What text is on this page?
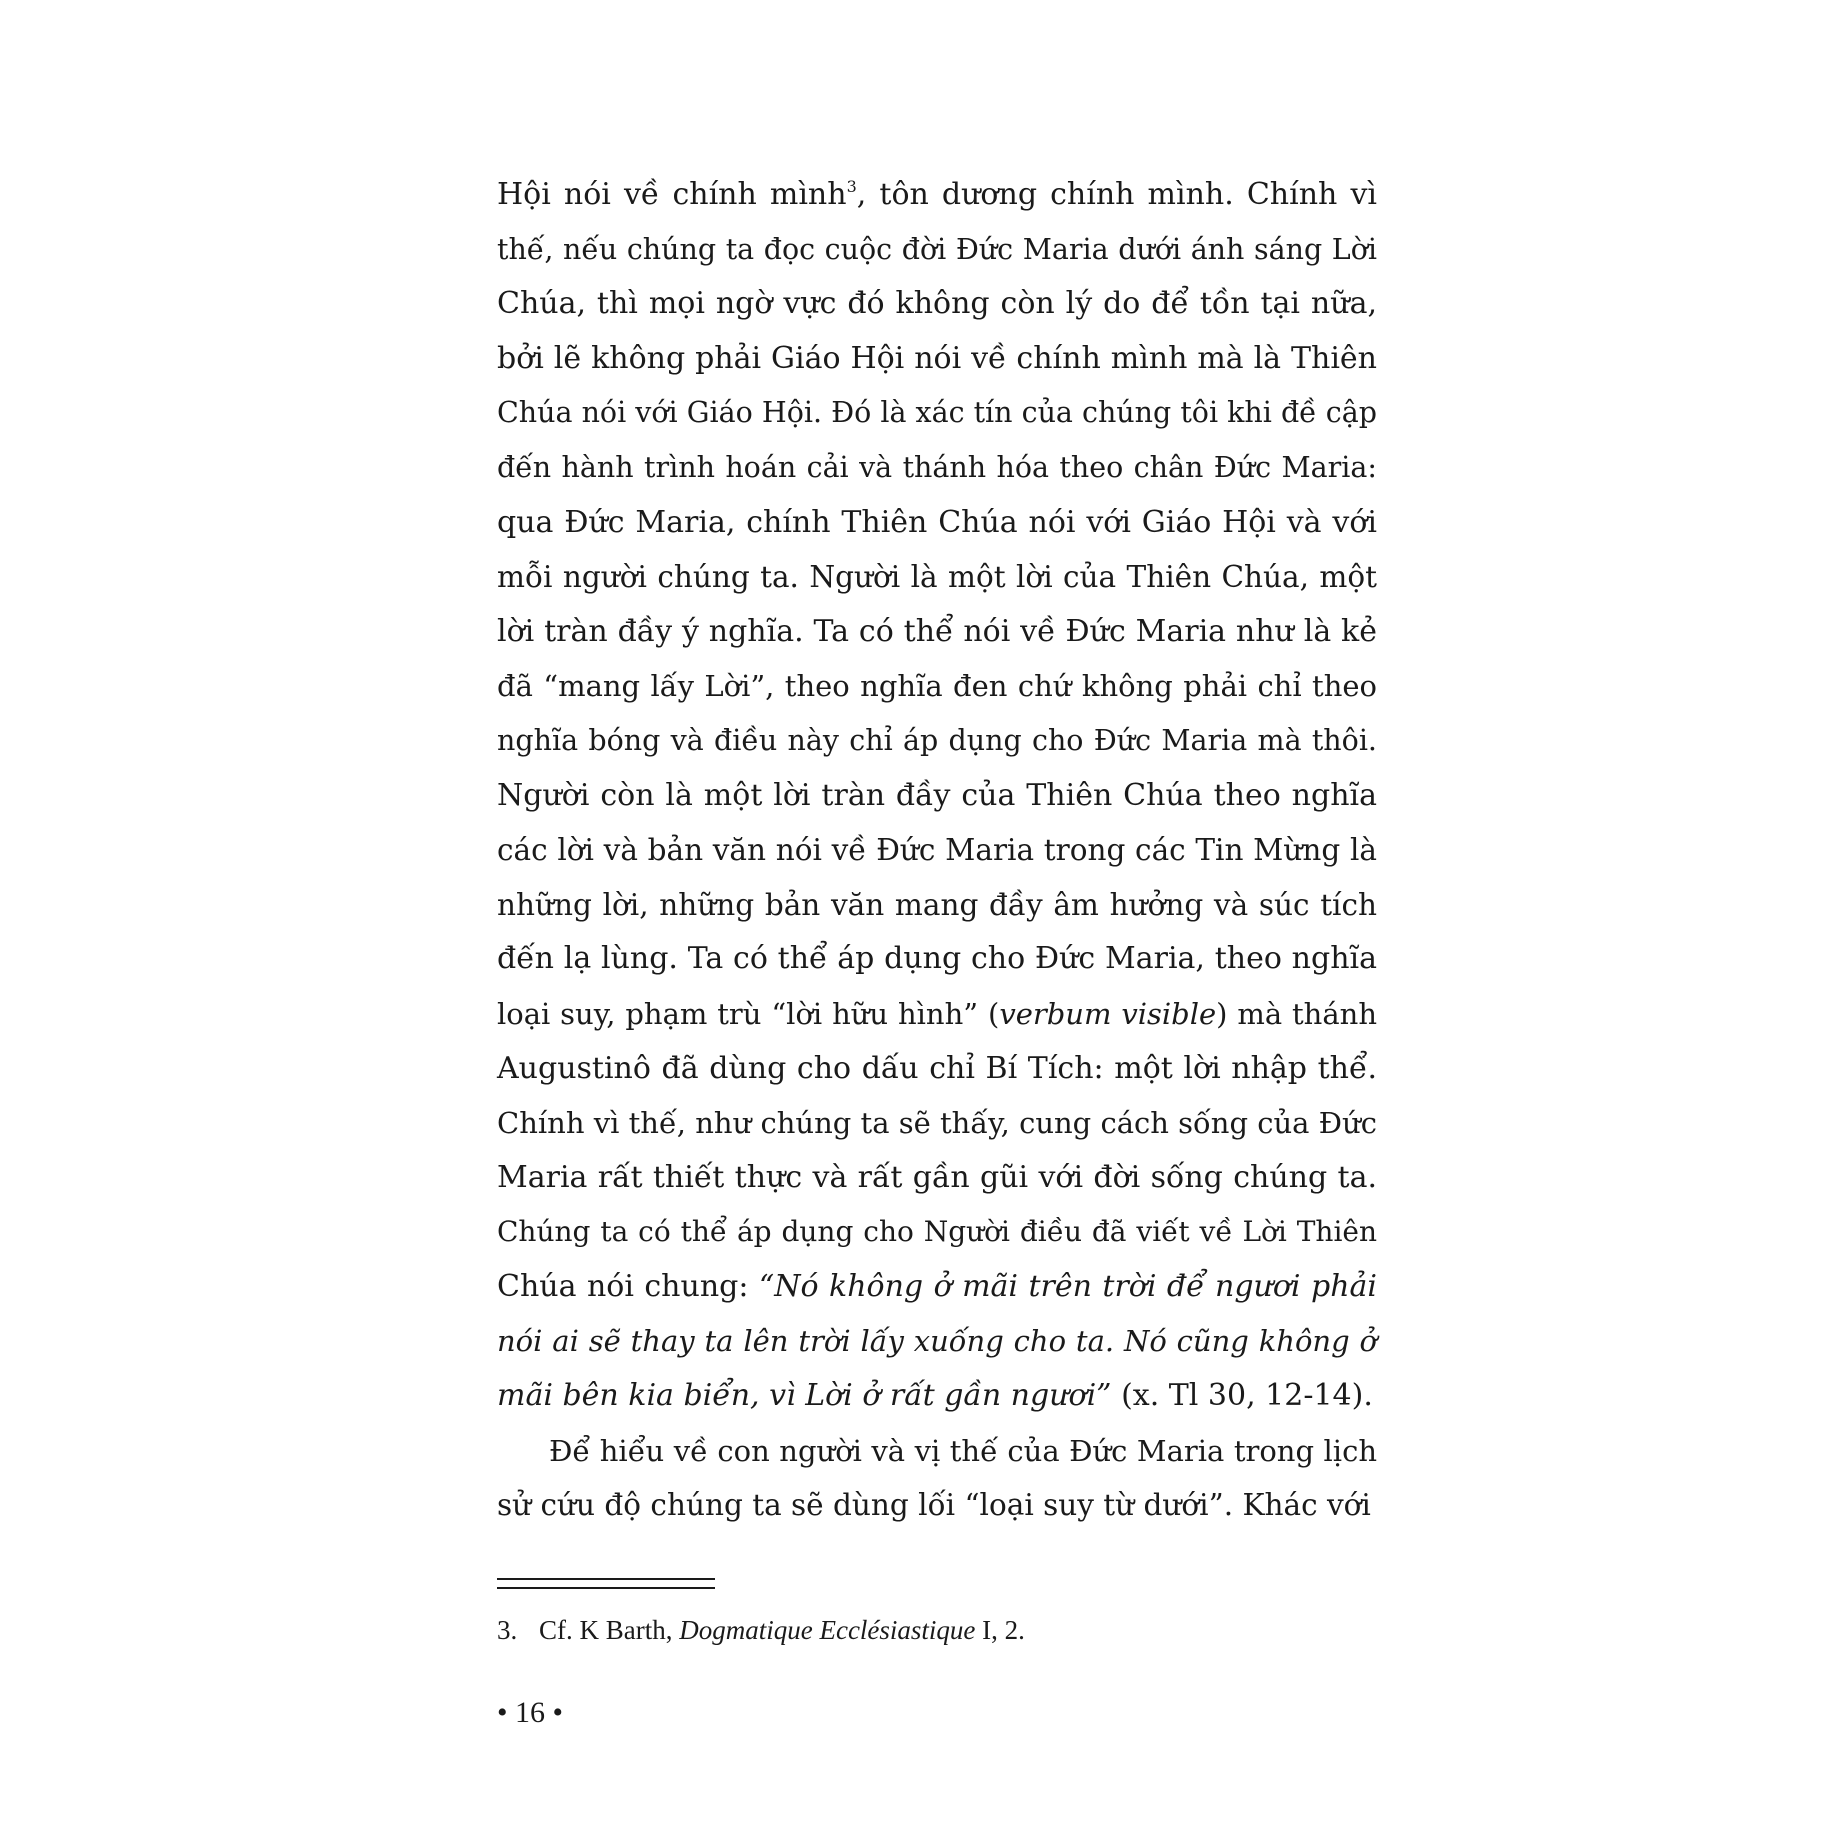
Hội nói về chính mình$^3$, tôn dương chính mình. Chính vì
thế, nếu chúng ta đọc cuộc đời Đức Maria dưới ánh sáng Lời
Chúa, thì mọi ngờ vực đó không còn lý do để tồn tại nữa,
bởi lẽ không phải Giáo Hội nói về chính mình mà là Thiên
Chúa nói với Giáo Hội. Đó là xác tín của chúng tôi khi đề cập
đến hành trình hoán cải và thánh hóa theo chân Đức Maria:
qua Đức Maria, chính Thiên Chúa nói với Giáo Hội và với
mỗi người chúng ta. Người là một lời của Thiên Chúa, một
lời tràn đầy ý nghĩa. Ta có thể nói về Đức Maria như là kẻ
đã “mang lấy Lời”, theo nghĩa đen chứ không phải chỉ theo
nghĩa bóng và điều này chỉ áp dụng cho Đức Maria mà thôi.
Người còn là một lời tràn đầy của Thiên Chúa theo nghĩa
các lời và bản văn nói về Đức Maria trong các Tin Mừng là
những lời, những bản văn mang đầy âm hưởng và súc tích
đến lạ lùng. Ta có thể áp dụng cho Đức Maria, theo nghĩa
loại suy, phạm trù “lời hữu hình” (verbum visible) mà thánh
Augustinô đã dùng cho dấu chỉ Bí Tích: một lời nhập thể.
Chính vì thế, như chúng ta sẽ thấy, cung cách sống của Đức
Maria rất thiết thực và rất gần gũi với đời sống chúng ta.
Chúng ta có thể áp dụng cho Người điều đã viết về Lời Thiên
Chúa nói chung: “Nó không ở mãi trên trời để ngươi phải
nói ai sẽ thay ta lên trời lấy xuống cho ta. Nó cũng không ở
mãi bên kia biển, vì Lời ở rất gần ngươi” (x. Tl 30, 12-14).
Để hiểu về con người và vị thế của Đức Maria trong lịch
sử cứu độ chúng ta sẽ dùng lối “loại suy từ dưới”. Khác với
3. Cf. K Barth, Dogmatique Ecclésiastique I, 2.
• 16 •
